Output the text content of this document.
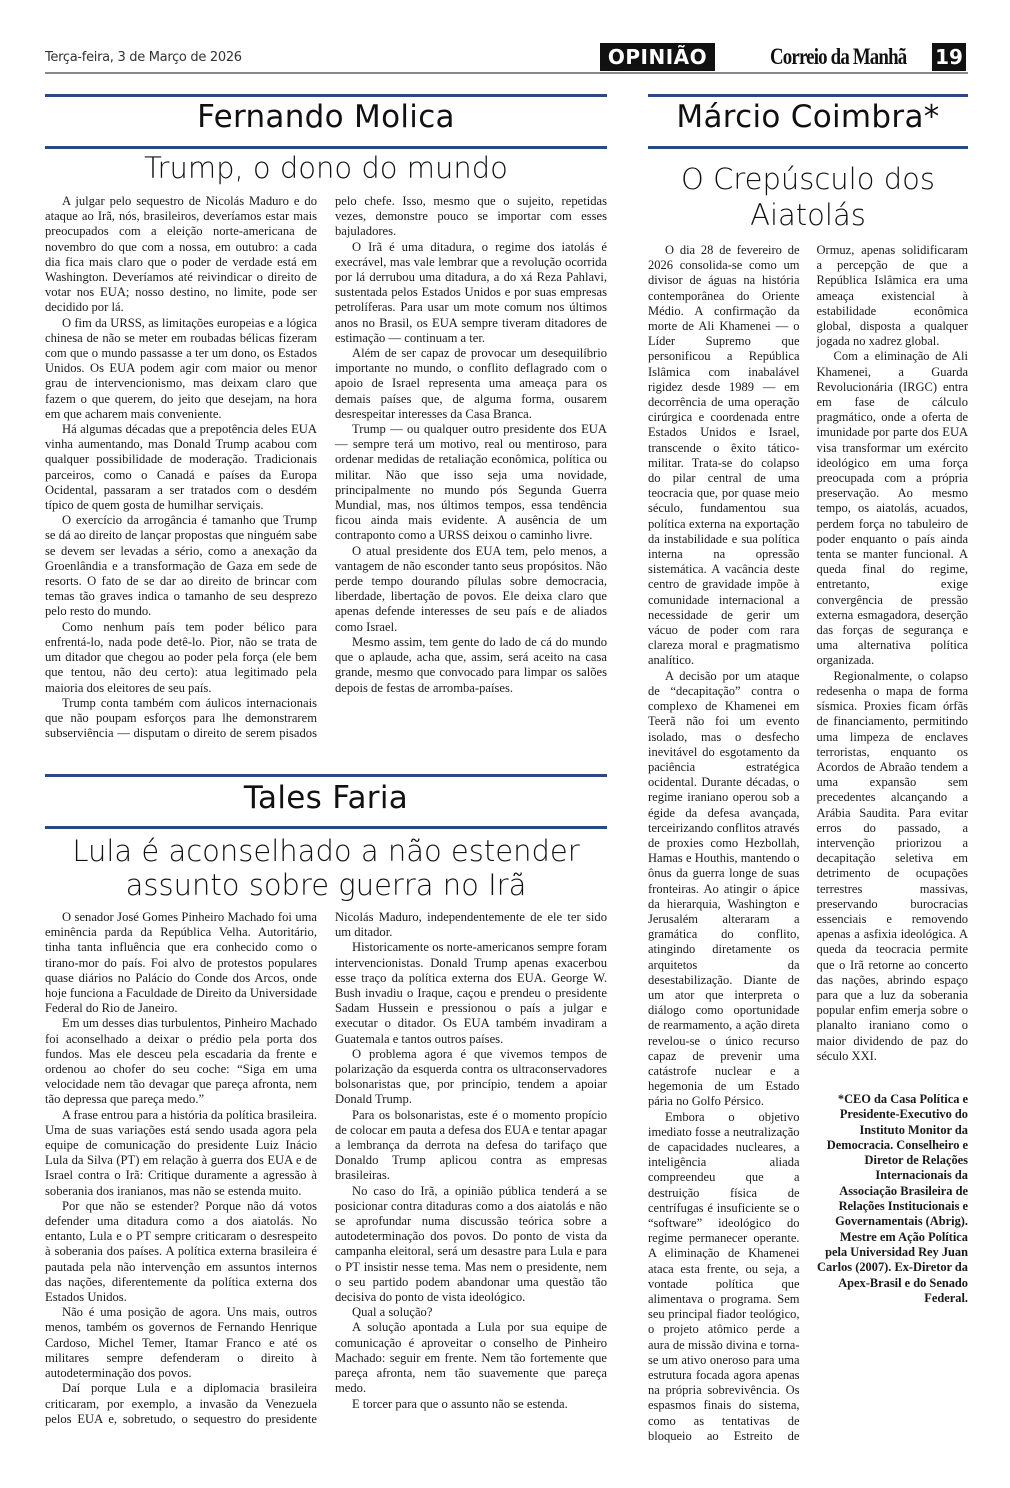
Terça-feira, 3 de Março de 2026	OPINIÃO	Correio da Manhã 19
Fernando Molica
Trump, o dono do mundo

A julgar pelo sequestro de Nicolás Maduro e do ataque ao Irã, nós, brasileiros, deveríamos estar mais preocupados com a eleição norte-americana de novembro do que com a nossa, em outubro: a cada dia fica mais claro que o poder de verdade está em Washington. Deveríamos até reivindicar o direito de votar nos EUA; nosso destino, no limite, pode ser decidido por lá.

O fim da URSS, as limitações europeias e a lógica chinesa de não se meter em roubadas bélicas fizeram com que o mundo passasse a ter um dono, os Estados Unidos. Os EUA podem agir com maior ou menor grau de intervencionismo, mas deixam claro que fazem o que querem, do jeito que desejam, na hora em que acharem mais conveniente.

Há algumas décadas que a prepotência deles EUA vinha aumentando, mas Donald Trump acabou com qualquer possibilidade de moderação. Tradicionais parceiros, como o Canadá e países da Europa Ocidental, passaram a ser tratados com o desdém típico de quem gosta de humilhar serviçais.

O exercício da arrogância é tamanho que Trump se dá ao direito de lançar propostas que ninguém sabe se devem ser levadas a sério, como a anexação da Groenlândia e a transformação de Gaza em sede de resorts. O fato de se dar ao direito de brincar com temas tão graves indica o tamanho de seu desprezo pelo resto do mundo.

Como nenhum país tem poder bélico para enfrentá-lo, nada pode detê-lo. Pior, não se trata de um ditador que chegou ao poder pela força (ele bem que tentou, não deu certo): atua legitimado pela maioria dos eleitores de seu país.

Trump conta também com áulicos internacionais que não poupam esforços para lhe demonstrarem subserviência — disputam o direito de serem pisados pelo chefe. Isso, mesmo que o sujeito, repetidas vezes, demonstre pouco se importar com esses bajuladores.

O Irã é uma ditadura, o regime dos iatolás é execrável, mas vale lembrar que a revolução ocorrida por lá derrubou uma ditadura, a do xá Reza Pahlavi, sustentada pelos Estados Unidos e por suas empresas petrolíferas. Para usar um mote comum nos últimos anos no Brasil, os EUA sempre tiveram ditadores de estimação — continuam a ter.

Além de ser capaz de provocar um desequilíbrio importante no mundo, o conflito deflagrado com o apoio de Israel representa uma ameaça para os demais países que, de alguma forma, ousarem desrespeitar interesses da Casa Branca.

Trump — ou qualquer outro presidente dos EUA — sempre terá um motivo, real ou mentiroso, para ordenar medidas de retaliação econômica, política ou militar. Não que isso seja uma novidade, principalmente no mundo pós Segunda Guerra Mundial, mas, nos últimos tempos, essa tendência ficou ainda mais evidente. A ausência de um contraponto como a URSS deixou o caminho livre.

O atual presidente dos EUA tem, pelo menos, a vantagem de não esconder tanto seus propósitos. Não perde tempo dourando pílulas sobre democracia, liberdade, libertação de povos. Ele deixa claro que apenas defende interesses de seu país e de aliados como Israel.

Mesmo assim, tem gente do lado de cá do mundo que o aplaude, acha que, assim, será aceito na casa grande, mesmo que convocado para limpar os salões depois de festas de arromba-países.

Tales Faria
Lula é aconselhado a não estender assunto sobre guerra no Irã

O senador José Gomes Pinheiro Machado foi uma eminência parda da República Velha. Autoritário, tinha tanta influência que era conhecido como o tirano-mor do país. Foi alvo de protestos populares quase diários no Palácio do Conde dos Arcos, onde hoje funciona a Faculdade de Direito da Universidade Federal do Rio de Janeiro.

Em um desses dias turbulentos, Pinheiro Machado foi aconselhado a deixar o prédio pela porta dos fundos. Mas ele desceu pela escadaria da frente e ordenou ao chofer do seu coche: “Siga em uma velocidade nem tão devagar que pareça afronta, nem tão depressa que pareça medo.”

A frase entrou para a história da política brasileira. Uma de suas variações está sendo usada agora pela equipe de comunicação do presidente Luiz Inácio Lula da Silva (PT) em relação à guerra dos EUA e de Israel contra o Irã: Critique duramente a agressão à soberania dos iranianos, mas não se estenda muito.

Por que não se estender? Porque não dá votos defender uma ditadura como a dos aiatolás. No entanto, Lula e o PT sempre criticaram o desrespeito à soberania dos países. A política externa brasileira é pautada pela não intervenção em assuntos internos das nações, diferentemente da política externa dos Estados Unidos.

Não é uma posição de agora. Uns mais, outros menos, também os governos de Fernando Henrique Cardoso, Michel Temer, Itamar Franco e até os militares sempre defenderam o direito à autodeterminação dos povos.

Daí porque Lula e a diplomacia brasileira criticaram, por exemplo, a invasão da Venezuela pelos EUA e, sobretudo, o sequestro do presidente Nicolás Maduro, independentemente de ele ter sido um ditador.

Historicamente os norte-americanos sempre foram intervencionistas. Donald Trump apenas exacerbou esse traço da política externa dos EUA. George W. Bush invadiu o Iraque, caçou e prendeu o presidente Sadam Hussein e pressionou o país a julgar e executar o ditador. Os EUA também invadiram a Guatemala e tantos outros países.

O problema agora é que vivemos tempos de polarização da esquerda contra os ultraconservadores bolsonaristas que, por princípio, tendem a apoiar Donald Trump.

Para os bolsonaristas, este é o momento propício de colocar em pauta a defesa dos EUA e tentar apagar a lembrança da derrota na defesa do tarifaço que Donaldo Trump aplicou contra as empresas brasileiras.

No caso do Irã, a opinião pública tenderá a se posicionar contra ditaduras como a dos aiatolás e não se aprofundar numa discussão teórica sobre a autodeterminação dos povos. Do ponto de vista da campanha eleitoral, será um desastre para Lula e para o PT insistir nesse tema. Mas nem o presidente, nem o seu partido podem abandonar uma questão tão decisiva do ponto de vista ideológico.

Qual a solução?

A solução apontada a Lula por sua equipe de comunicação é aproveitar o conselho de Pinheiro Machado: seguir em frente. Nem tão fortemente que pareça afronta, nem tão suavemente que pareça medo.

E torcer para que o assunto não se estenda.

Márcio Coimbra*
O Crepúsculo dos Aiatolás

O dia 28 de fevereiro de 2026 consolida-se como um divisor de águas na história contemporânea do Oriente Médio. A confirmação da morte de Ali Khamenei — o Líder Supremo que personificou a República Islâmica com inabalável rigidez desde 1989 — em decorrência de uma operação cirúrgica e coordenada entre Estados Unidos e Israel, transcende o êxito tático-militar. Trata-se do colapso do pilar central de uma teocracia que, por quase meio século, fundamentou sua política externa na exportação da instabilidade e sua política interna na opressão sistemática. A vacância deste centro de gravidade impõe à comunidade internacional a necessidade de gerir um vácuo de poder com rara clareza moral e pragmatismo analítico.

A decisão por um ataque de “decapitação” contra o complexo de Khamenei em Teerã não foi um evento isolado, mas o desfecho inevitável do esgotamento da paciência estratégica ocidental. Durante décadas, o regime iraniano operou sob a égide da defesa avançada, terceirizando conflitos através de proxies como Hezbollah, Hamas e Houthis, mantendo o ônus da guerra longe de suas fronteiras. Ao atingir o ápice da hierarquia, Washington e Jerusalém alteraram a gramática do conflito, atingindo diretamente os arquitetos da desestabilização. Diante de um ator que interpreta o diálogo como oportunidade de rearmamento, a ação direta revelou-se o único recurso capaz de prevenir uma catástrofe nuclear e a hegemonia de um Estado pária no Golfo Pérsico.

Embora o objetivo imediato fosse a neutralização de capacidades nucleares, a inteligência aliada compreendeu que a destruição física de centrífugas é insuficiente se o “software” ideológico do regime permanecer operante. A eliminação de Khamenei ataca esta frente, ou seja, a vontade política que alimentava o programa. Sem seu principal fiador teológico, o projeto atômico perde a aura de missão divina e torna-se um ativo oneroso para uma estrutura focada agora apenas na própria sobrevivência. Os espasmos finais do sistema, como as tentativas de bloqueio ao Estreito de Ormuz, apenas solidificaram a percepção de que a República Islâmica era uma ameaça existencial à estabilidade econômica global, disposta a qualquer jogada no xadrez global.

Com a eliminação de Ali Khamenei, a Guarda Revolucionária (IRGC) entra em fase de cálculo pragmático, onde a oferta de imunidade por parte dos EUA visa transformar um exército ideológico em uma força preocupada com a própria preservação. Ao mesmo tempo, os aiatolás, acuados, perdem força no tabuleiro de poder enquanto o país ainda tenta se manter funcional. A queda final do regime, entretanto, exige convergência de pressão externa esmagadora, deserção das forças de segurança e uma alternativa política organizada.

Regionalmente, o colapso redesenha o mapa de forma sísmica. Proxies ficam órfãs de financiamento, permitindo uma limpeza de enclaves terroristas, enquanto os Acordos de Abraão tendem a uma expansão sem precedentes alcançando a Arábia Saudita. Para evitar erros do passado, a intervenção priorizou a decapitação seletiva em detrimento de ocupações terrestres massivas, preservando burocracias essenciais e removendo apenas a asfixia ideológica. A queda da teocracia permite que o Irã retorne ao concerto das nações, abrindo espaço para que a luz da soberania popular enfim emerja sobre o planalto iraniano como o maior dividendo de paz do século XXI.

*CEO da Casa Política e Presidente-Executivo do Instituto Monitor da Democracia. Conselheiro e Diretor de Relações Internacionais da Associação Brasileira de Relações Institucionais e Governamentais (Abrig). Mestre em Ação Política pela Universidad Rey Juan Carlos (2007). Ex-Diretor da Apex-Brasil e do Senado Federal.
